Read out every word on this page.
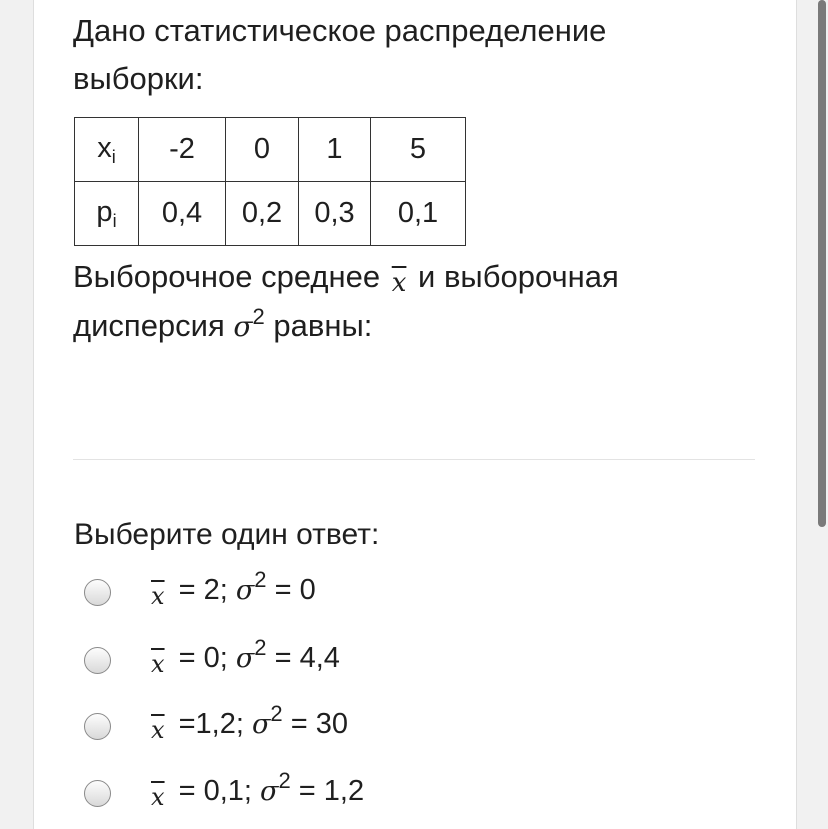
Дано статистическое распределение
выборки:
$x_i$	-2	0	1	5
$p_i$	0,4	0,2	0,3	0,1
Выборочное среднее $\overline{x}$ и выборочная
дисперсия $\sigma^2$ равны:
Выберите один ответ:
$\overline{x} = 2$; $\sigma^2 = 0$
$\overline{x} = 0$; $\sigma^2 = 4,4$
$\overline{x} =1,2$; $\sigma^2 = 30$
$\overline{x} = 0,1$; $\sigma^2 = 1,2$
